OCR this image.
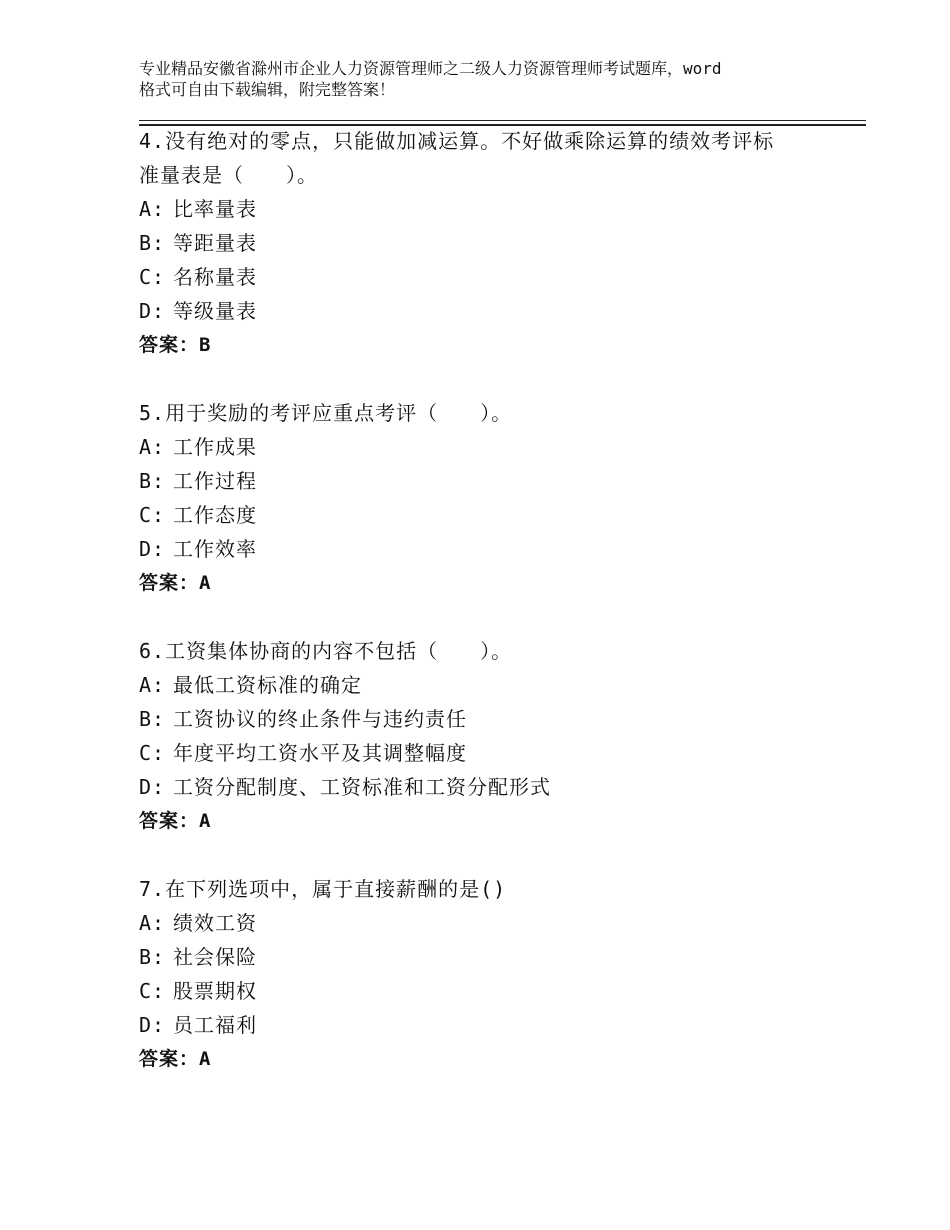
专业精品安徽省滁州市企业人力资源管理师之二级人力资源管理师考试题库，word
格式可自由下载编辑，附完整答案！
4.没有绝对的零点，只能做加减运算。不好做乘除运算的绩效考评标
准量表是（　　）。
A: 比率量表
B: 等距量表
C: 名称量表
D: 等级量表
答案：B
5.用于奖励的考评应重点考评（　　）。
A: 工作成果
B: 工作过程
C: 工作态度
D: 工作效率
答案：A
6.工资集体协商的内容不包括（　　）。
A: 最低工资标准的确定
B: 工资协议的终止条件与违约责任
C: 年度平均工资水平及其调整幅度
D: 工资分配制度、工资标准和工资分配形式
答案：A
7.在下列选项中，属于直接薪酬的是()
A: 绩效工资
B: 社会保险
C: 股票期权
D: 员工福利
答案：A
